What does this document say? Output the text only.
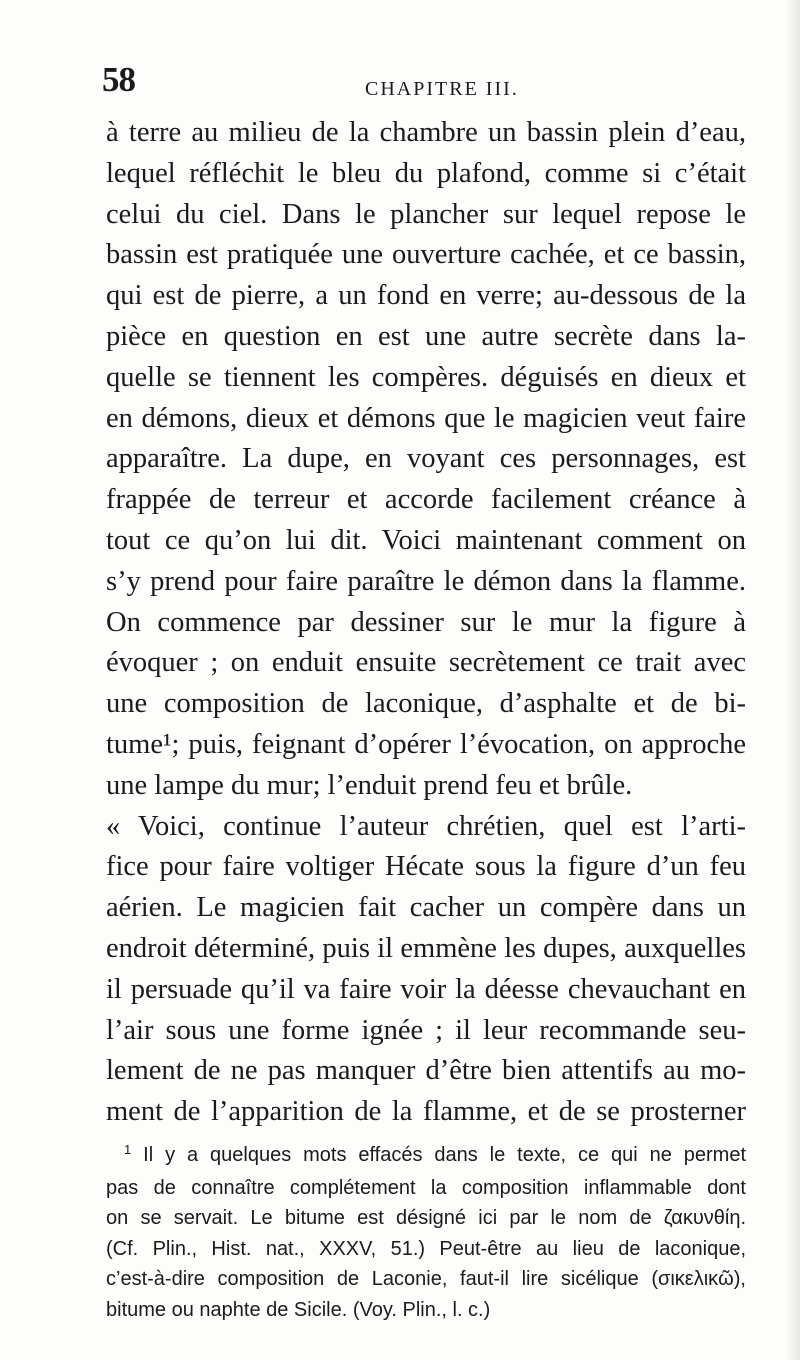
58	CHAPITRE III.
à terre au milieu de la chambre un bassin plein d’eau,
lequel réfléchit le bleu du plafond, comme si c’était
celui du ciel. Dans le plancher sur lequel repose le
bassin est pratiquée une ouverture cachée, et ce bassin,
qui est de pierre, a un fond en verre; au-dessous de la
pièce en question en est une autre secrète dans la-
quelle se tiennent les compères. déguisés en dieux et
en démons, dieux et démons que le magicien veut faire
apparaître. La dupe, en voyant ces personnages, est
frappée de terreur et accorde facilement créance à
tout ce qu’on lui dit. Voici maintenant comment on
s’y prend pour faire paraître le démon dans la flamme.
On commence par dessiner sur le mur la figure à
évoquer ; on enduit ensuite secrètement ce trait avec
une composition de laconique, d’asphalte et de bi-
tume¹; puis, feignant d’opérer l’évocation, on approche
une lampe du mur; l’enduit prend feu et brûle.
« Voici, continue l’auteur chrétien, quel est l’arti-
fice pour faire voltiger Hécate sous la figure d’un feu
aérien. Le magicien fait cacher un compère dans un
endroit déterminé, puis il emmène les dupes, auxquelles
il persuade qu’il va faire voir la déesse chevauchant en
l’air sous une forme ignée ; il leur recommande seu-
lement de ne pas manquer d’être bien attentifs au mo-
ment de l’apparition de la flamme, et de se prosterner
$^1$ Il y a quelques mots effacés dans le texte, ce qui ne permet
pas de connaître complétement la composition inflammable dont
on se servait. Le bitume est désigné ici par le nom de ζακυνθίη.
(Cf. Plin., Hist. nat., XXXV, 51.) Peut-être au lieu de laconique,
c’est-à-dire composition de Laconie, faut-il lire sicélique (σικελικῶ),
bitume ou naphte de Sicile. (Voy. Plin., l. c.)
